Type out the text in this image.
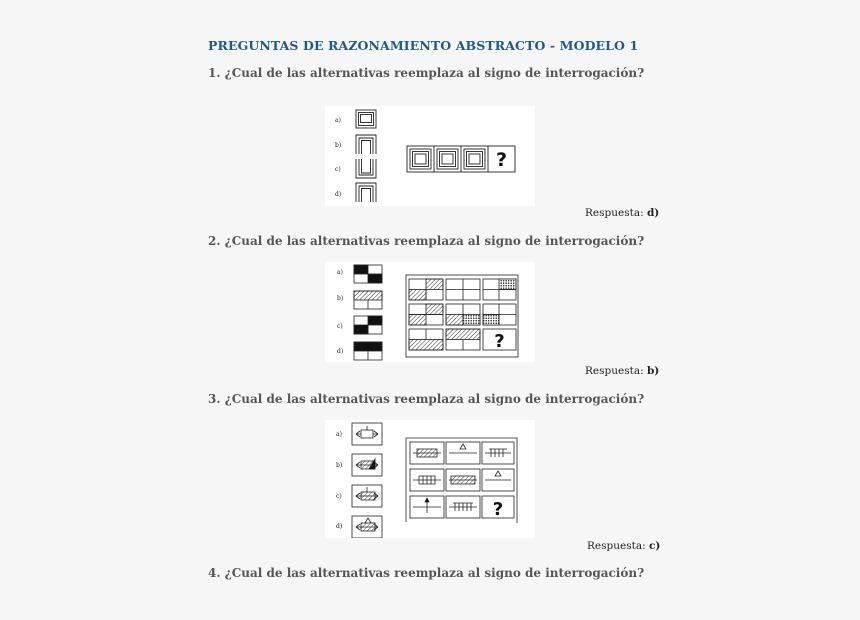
PREGUNTAS DE RAZONAMIENTO ABSTRACTO - MODELO 1
1. ¿Cual de las alternativas reemplaza al signo de interrogación?
a)
b)
c)
d)
?
Respuesta: d)
2. ¿Cual de las alternativas reemplaza al signo de interrogación?
a)
b)
c)
d)	?
Respuesta: b)
3. ¿Cual de las alternativas reemplaza al signo de interrogación?
a)
b)
c)
d)
?
Respuesta: c)
4. ¿Cual de las alternativas reemplaza al signo de interrogación?
